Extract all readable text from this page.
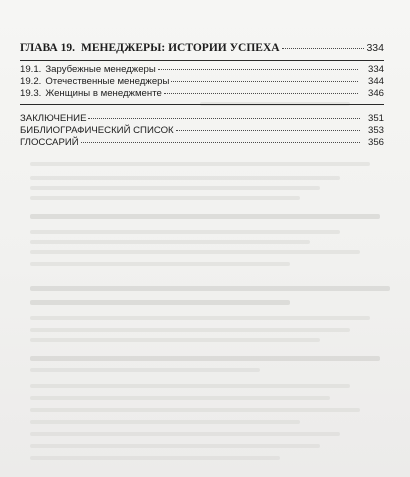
ГЛАВА 19. МЕНЕДЖЕРЫ: ИСТОРИИ УСПЕХА	334
19.1. Зарубежные менеджеры	334
19.2. Отечественные менеджеры	344
19.3. Женщины в менеджменте	346
ЗАКЛЮЧЕНИЕ	351
БИБЛИОГРАФИЧЕСКИЙ СПИСОК	353
ГЛОССАРИЙ	356
